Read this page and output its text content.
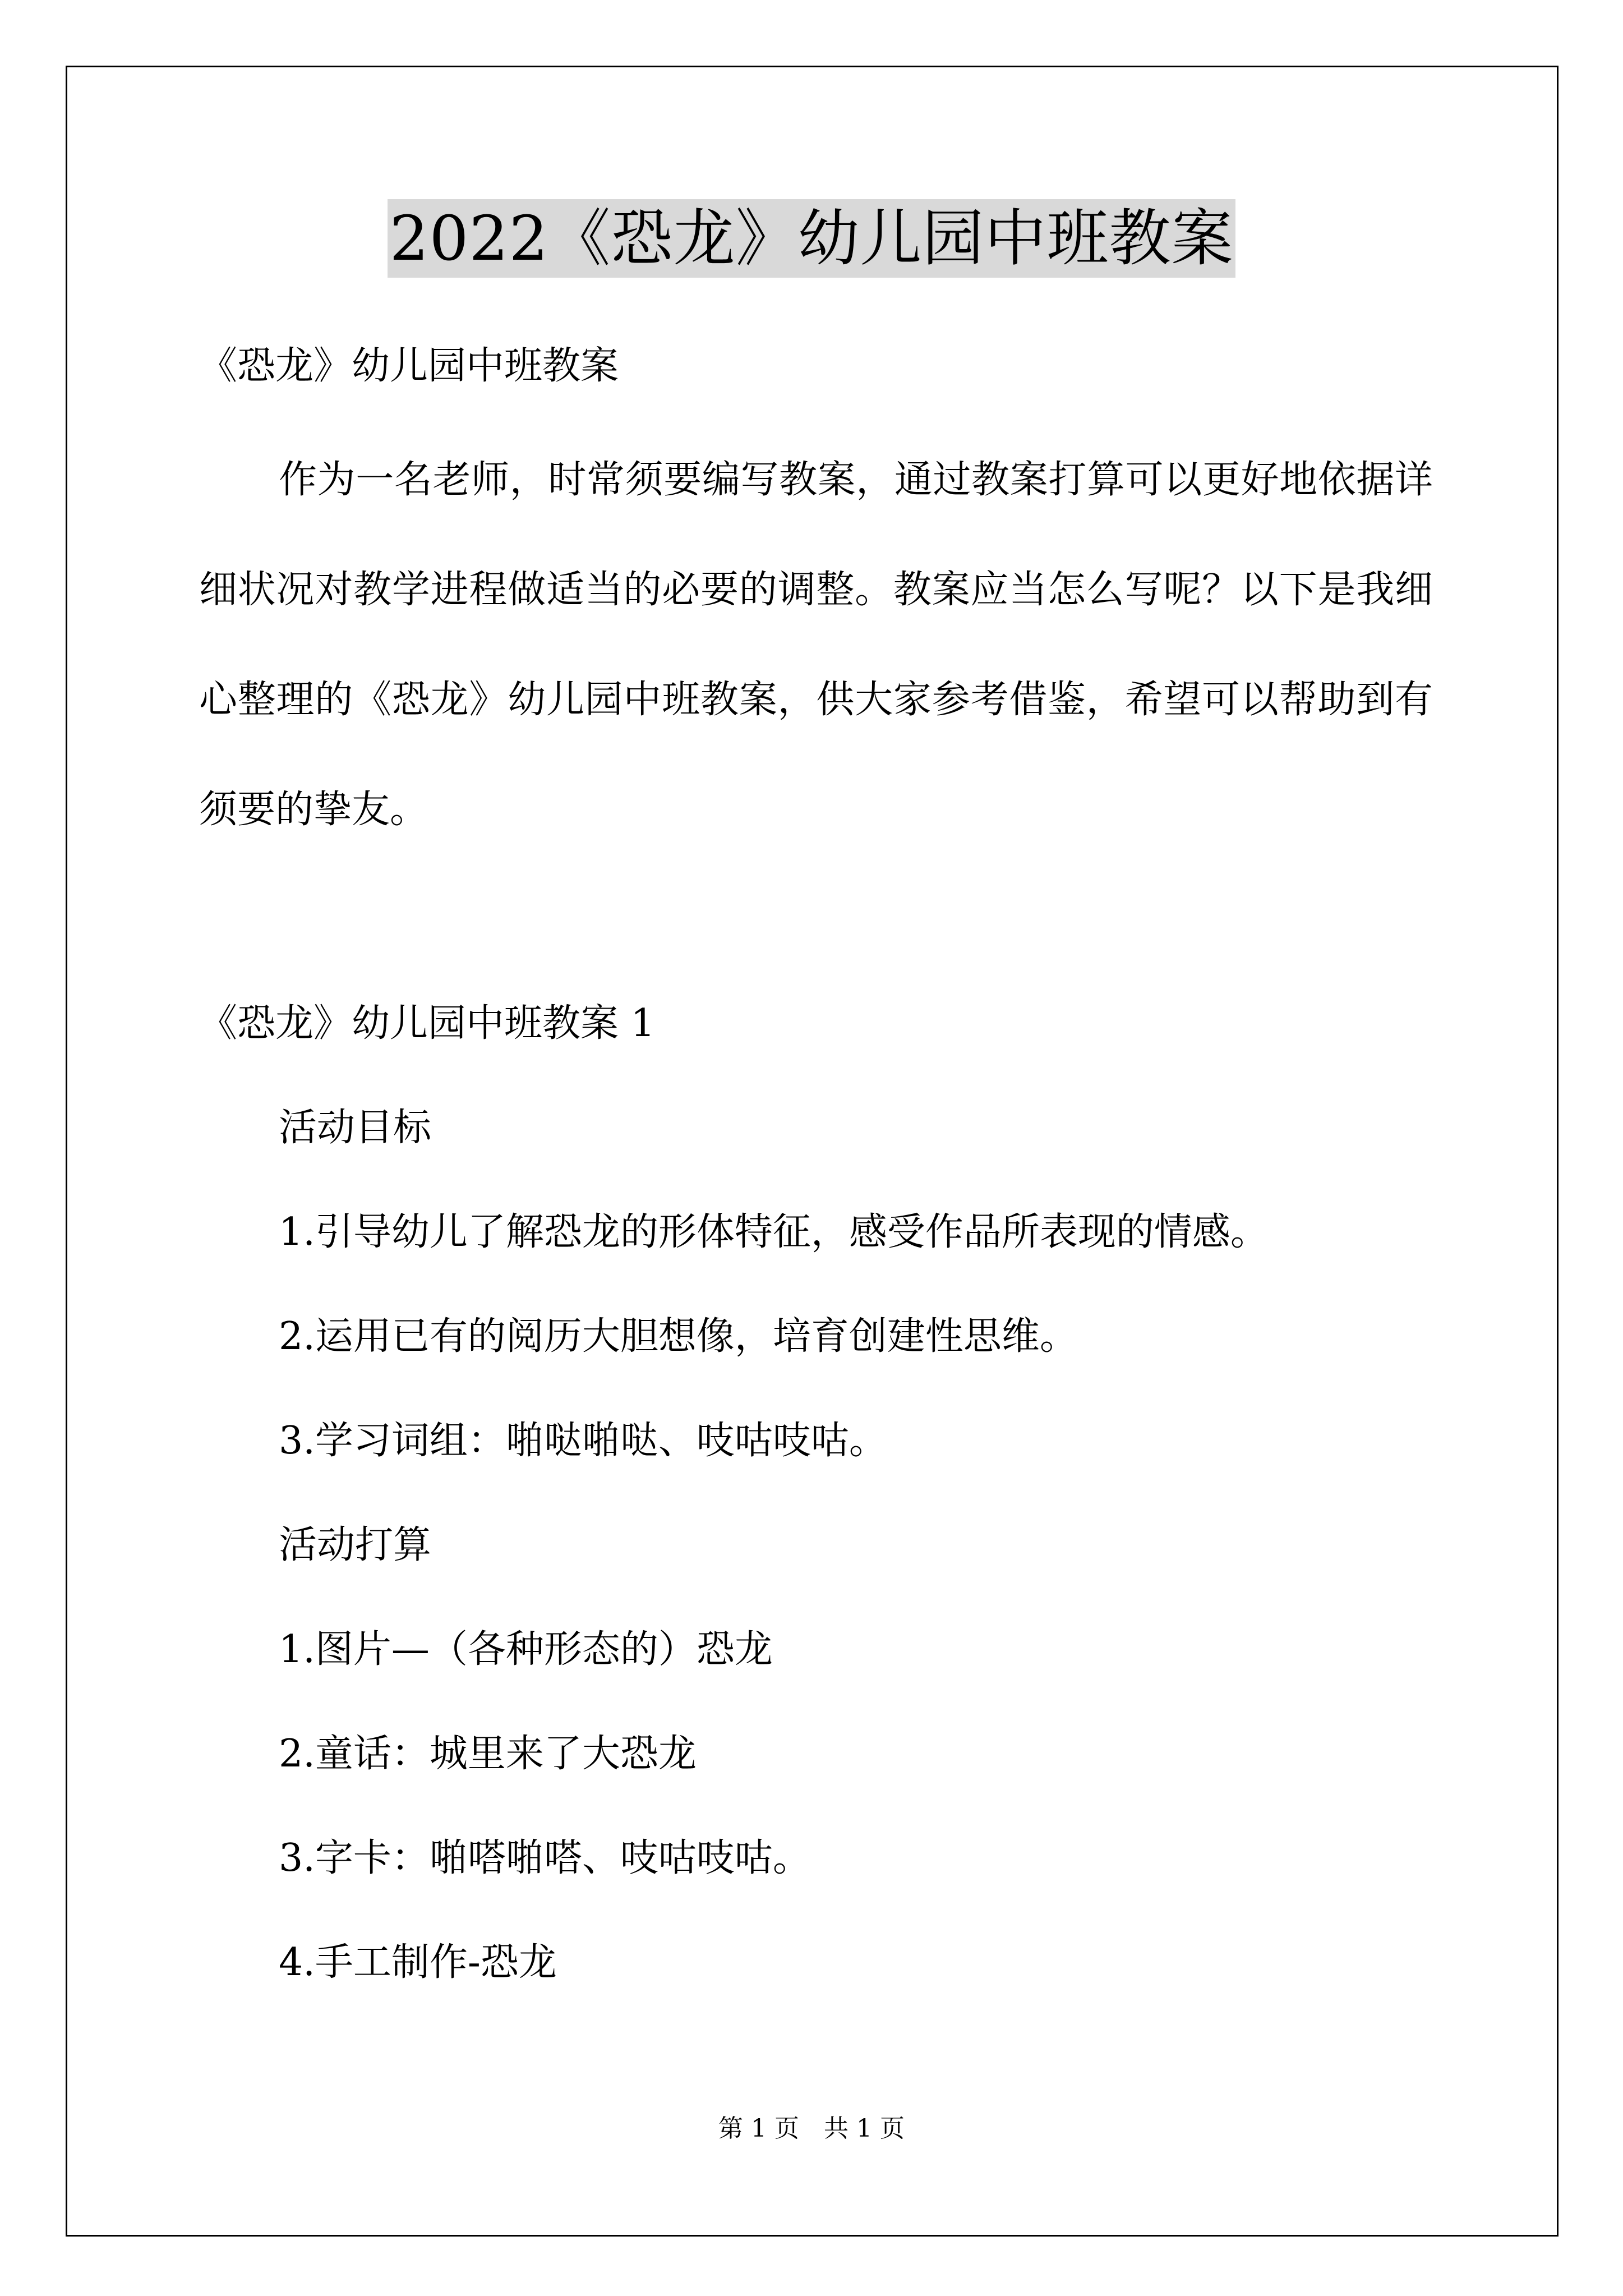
2022《恐龙》幼儿园中班教案
《恐龙》幼儿园中班教案

作为一名老师，时常须要编写教案，通过教案打算可以更好地依据详细状况对教学进程做适当的必要的调整。教案应当怎么写呢？以下是我细心整理的《恐龙》幼儿园中班教案，供大家参考借鉴，希望可以帮助到有须要的挚友。

《恐龙》幼儿园中班教案 1
活动目标
1.引导幼儿了解恐龙的形体特征，感受作品所表现的情感。
2.运用已有的阅历大胆想像，培育创建性思维。
3.学习词组：啪哒啪哒、吱咕吱咕。
活动打算
1.图片—（各种形态的）恐龙
2.童话：城里来了大恐龙
3.字卡：啪嗒啪嗒、吱咕吱咕。
4.手工制作-恐龙
第 1 页　共 1 页
